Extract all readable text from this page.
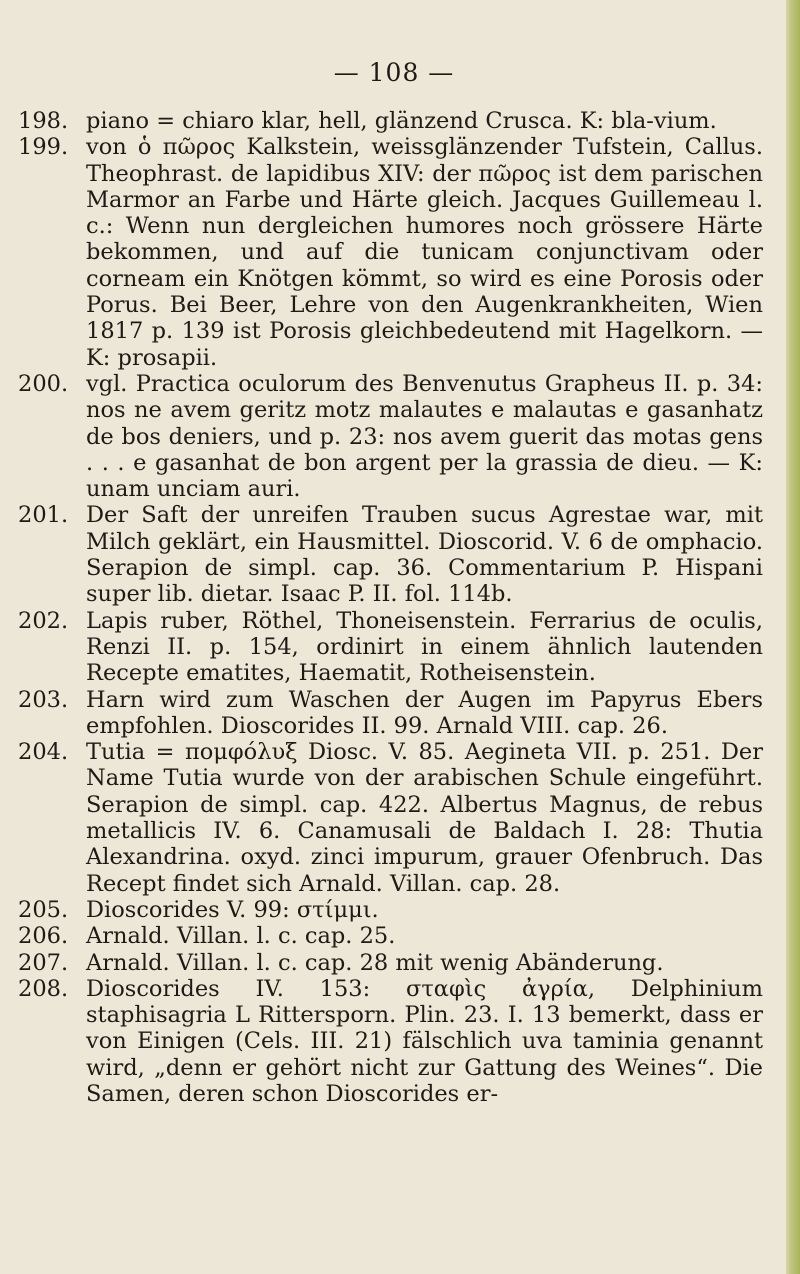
— 108 —
198. piano = chiaro klar, hell, glänzend Crusca. K: bla-vium.
199. von ὁ πῶρος Kalkstein, weissglänzender Tufstein, Callus. Theophrast. de lapidibus XIV: der πῶρος ist dem parischen Marmor an Farbe und Härte gleich. Jacques Guillemeau l. c.: Wenn nun dergleichen humores noch grössere Härte bekommen, und auf die tunicam conjunctivam oder corneam ein Knötgen kömmt, so wird es eine Porosis oder Porus. Bei Beer, Lehre von den Augenkrankheiten, Wien 1817 p. 139 ist Porosis gleichbedeutend mit Hagelkorn. — K: prosapii.
200. vgl. Practica oculorum des Benvenutus Grapheus II. p. 34: nos ne avem geritz motz malautes e malautas e gasanhatz de bos deniers, und p. 23: nos avem guerit das motas gens . . . e gasanhat de bon argent per la grassia de dieu. — K: unam unciam auri.
201. Der Saft der unreifen Trauben sucus Agrestae war, mit Milch geklärt, ein Hausmittel. Dioscorid. V. 6 de omphacio. Serapion de simpl. cap. 36. Commentarium P. Hispani super lib. dietar. Isaac P. II. fol. 114b.
202. Lapis ruber, Röthel, Thoneisenstein. Ferrarius de oculis, Renzi II. p. 154, ordinirt in einem ähnlich lautenden Recepte ematites, Haematit, Rotheisenstein.
203. Harn wird zum Waschen der Augen im Papyrus Ebers empfohlen. Dioscorides II. 99. Arnald VIII. cap. 26.
204. Tutia = πομφόλυξ Diosc. V. 85. Aegineta VII. p. 251. Der Name Tutia wurde von der arabischen Schule eingeführt. Serapion de simpl. cap. 422. Albertus Magnus, de rebus metallicis IV. 6. Canamusali de Baldach I. 28: Thutia Alexandrina. oxyd. zinci impurum, grauer Ofenbruch. Das Recept findet sich Arnald. Villan. cap. 28.
205. Dioscorides V. 99: στίμμι.
206. Arnald. Villan. l. c. cap. 25.
207. Arnald. Villan. l. c. cap. 28 mit wenig Abänderung.
208. Dioscorides IV. 153: σταφὶς ἀγρία, Delphinium staphisagria L Rittersporn. Plin. 23. I. 13 bemerkt, dass er von Einigen (Cels. III. 21) fälschlich uva taminia genannt wird, „denn er gehört nicht zur Gattung des Weines“. Die Samen, deren schon Dioscorides er-
